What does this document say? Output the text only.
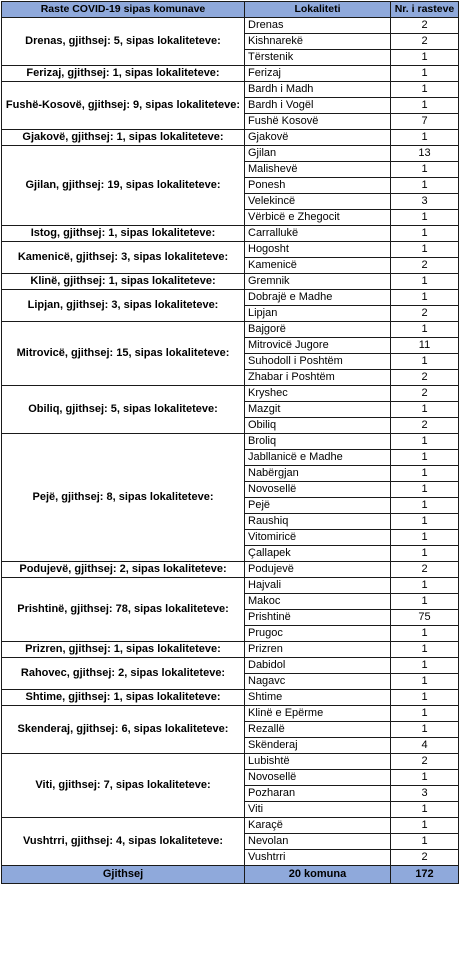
Raste COVID-19 sipas komunave	Lokaliteti	Nr. i rasteve
Drenas, gjithsej: 5, sipas lokaliteteve:	Drenas	2
	Kishnarekë	2
	Tërstenik	1
Ferizaj, gjithsej: 1, sipas lokaliteteve:	Ferizaj	1
Fushë-Kosovë, gjithsej: 9, sipas lokaliteteve:	Bardh i Madh	1
	Bardh i Vogël	1
	Fushë Kosovë	7
Gjakovë, gjithsej: 1, sipas lokaliteteve:	Gjakovë	1
Gjilan, gjithsej: 19, sipas lokaliteteve:	Gjilan	13
	Malishevë	1
	Ponesh	1
	Velekincë	3
	Vërbicë e Zhegocit	1
Istog, gjithsej: 1, sipas lokaliteteve:	Carrallukë	1
Kamenicë, gjithsej: 3, sipas lokaliteteve:	Hogosht	1
	Kamenicë	2
Klinë, gjithsej: 1, sipas lokaliteteve:	Gremnik	1
Lipjan, gjithsej: 3, sipas lokaliteteve:	Dobrajë e Madhe	1
	Lipjan	2
Mitrovicë, gjithsej: 15, sipas lokaliteteve:	Bajgorë	1
	Mitrovicë Jugore	11
	Suhodoll i Poshtëm	1
	Zhabar i Poshtëm	2
Obiliq, gjithsej: 5, sipas lokaliteteve:	Kryshec	2
	Mazgit	1
	Obiliq	2
Pejë, gjithsej: 8, sipas lokaliteteve:	Broliq	1
	Jabllanicë e Madhe	1
	Nabërgjan	1
	Novosellë	1
	Pejë	1
	Raushiq	1
	Vitomiricë	1
	Çallapek	1
Podujevë, gjithsej: 2, sipas lokaliteteve:	Podujevë	2
Prishtinë, gjithsej: 78, sipas lokaliteteve:	Hajvali	1
	Makoc	1
	Prishtinë	75
	Prugoc	1
Prizren, gjithsej: 1, sipas lokaliteteve:	Prizren	1
Rahovec, gjithsej: 2, sipas lokaliteteve:	Dabidol	1
	Nagavc	1
Shtime, gjithsej: 1, sipas lokaliteteve:	Shtime	1
Skenderaj, gjithsej: 6, sipas lokaliteteve:	Klinë e Epërme	1
	Rezallë	1
	Skënderaj	4
Viti, gjithsej: 7, sipas lokaliteteve:	Lubishtë	2
	Novosellë	1
	Pozharan	3
	Viti	1
Vushtrri, gjithsej: 4, sipas lokaliteteve:	Karaçë	1
	Nevolan	1
	Vushtrri	2
Gjithsej	20 komuna	172
